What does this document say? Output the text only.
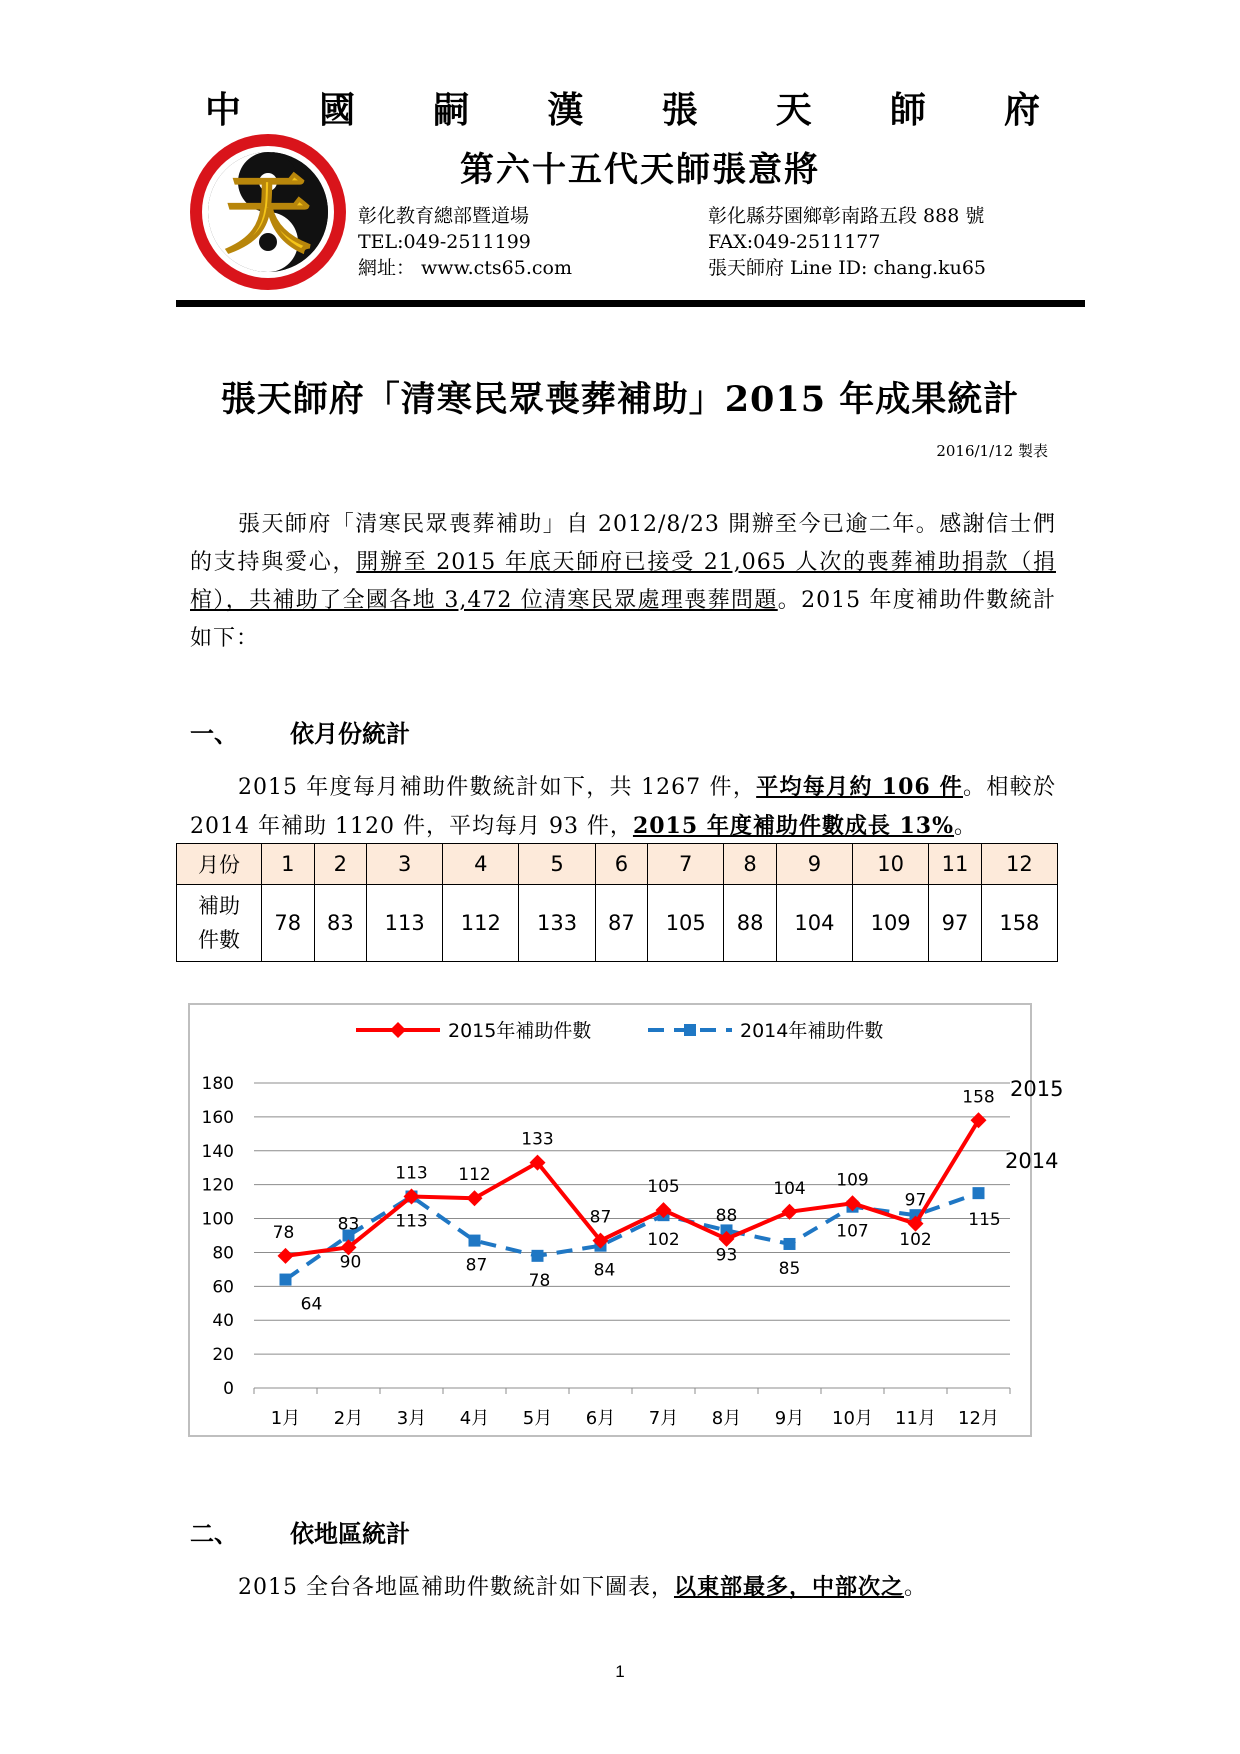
天
中 國 嗣 漢 張 天 師 府
第六十五代天師張意將
彰化教育總部暨道場
TEL:049-2511199
網址： www.cts65.com
彰化縣芬園鄉彰南路五段 888 號
FAX:049-2511177
張天師府 Line ID: chang.ku65
張天師府「清寒民眾喪葬補助」2015 年成果統計
2016/1/12 製表

張天師府「清寒民眾喪葬補助」自 2012/8/23 開辦至今已逾二年。感謝信士們的支持與愛心，開辦至 2015 年底天師府已接受 21,065 人次的喪葬補助捐款（捐棺），共補助了全國各地 3,472 位清寒民眾處理喪葬問題。2015 年度補助件數統計如下：

一、 依月份統計

2015 年度每月補助件數統計如下，共 1267 件，平均每月約 106 件。相較於 2014 年補助 1120 件，平均每月 93 件，2015 年度補助件數成長 13%。

月份	1	2	3	4	5	6	7	8	9	10	11	12

補助
件數	78	83	113	112	133	87	105	88	104	109	97	158
0
20
40
60
80
100
120
140
160
180
1月 2月 3月 4月 5月 6月 7月 8月 9月 10月 11月 12月
78	83
113 112
133
87
105
88
104 109
97
158
64
90
113
87
78
84
102
93
85
107 102
115
2015
2014
2015年補助件數	2014年補助件數
二、 依地區統計

2015 全台各地區補助件數統計如下圖表，以東部最多，中部次之。

1
